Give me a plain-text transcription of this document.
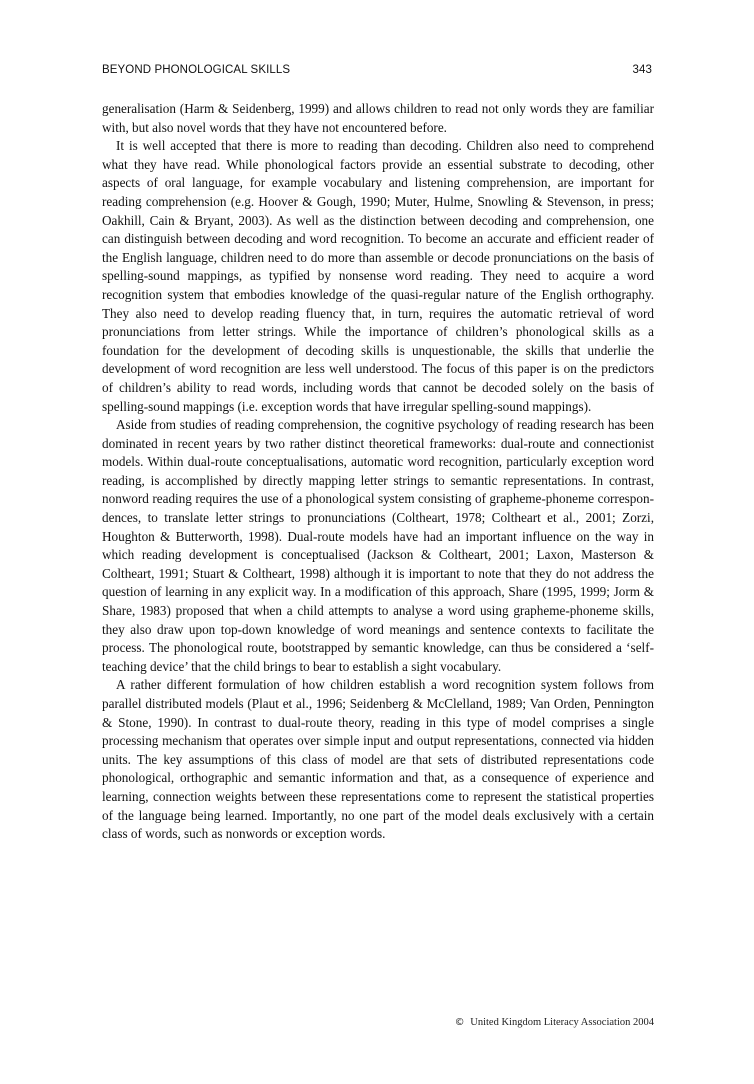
BEYOND PHONOLOGICAL SKILLS	343

generalisation (Harm & Seidenberg, 1999) and allows children to read not only words they are familiar with, but also novel words that they have not encountered before.

It is well accepted that there is more to reading than decoding. Children also need to comprehend what they have read. While phonological factors provide an essential substrate to decoding, other aspects of oral language, for example vocabulary and listening comprehension, are important for reading comprehension (e.g. Hoover & Gough, 1990; Muter, Hulme, Snowling & Stevenson, in press; Oakhill, Cain & Bryant, 2003). As well as the distinction between decoding and comprehension, one can distinguish between decoding and word recognition. To become an accurate and efficient reader of the English language, children need to do more than assemble or decode pronunciations on the basis of spelling-sound mappings, as typified by nonsense word reading. They need to acquire a word recognition system that embodies knowledge of the quasi-regular nature of the English orthography. They also need to develop reading fluency that, in turn, requires the automatic retrieval of word pronunciations from letter strings. While the importance of children’s phonological skills as a foundation for the development of decoding skills is unquestionable, the skills that underlie the development of word recognition are less well understood. The focus of this paper is on the predictors of children’s ability to read words, including words that cannot be decoded solely on the basis of spelling-sound mappings (i.e. exception words that have irregular spelling-sound mappings).

Aside from studies of reading comprehension, the cognitive psychology of reading research has been dominated in recent years by two rather distinct theoretical frameworks: dual-route and connectionist models. Within dual-route conceptualisations, automatic word recognition, particularly exception word reading, is accomplished by directly mapping letter strings to semantic representations. In contrast, nonword reading requires the use of a phonological system consisting of grapheme-phoneme correspondences, to translate letter strings to pronunciations (Coltheart, 1978; Coltheart et al., 2001; Zorzi, Houghton & Butterworth, 1998). Dual-route models have had an important influence on the way in which reading development is conceptualised (Jackson & Coltheart, 2001; Laxon, Masterson & Coltheart, 1991; Stuart & Coltheart, 1998) although it is important to note that they do not address the question of learning in any explicit way. In a modification of this approach, Share (1995, 1999; Jorm & Share, 1983) proposed that when a child attempts to analyse a word using grapheme-phoneme skills, they also draw upon top-down knowledge of word meanings and sentence contexts to facilitate the process. The phonological route, bootstrapped by semantic knowledge, can thus be considered a ‘self-teaching device’ that the child brings to bear to establish a sight vocabulary.

A rather different formulation of how children establish a word recognition system follows from parallel distributed models (Plaut et al., 1996; Seidenberg & McClelland, 1989; Van Orden, Pennington & Stone, 1990). In contrast to dual-route theory, reading in this type of model comprises a single processing mechanism that operates over simple input and output representations, connected via hidden units. The key assumptions of this class of model are that sets of distributed representations code phonological, orthographic and semantic information and that, as a consequence of experience and learning, connection weights between these representations come to represent the statistical properties of the language being learned. Importantly, no one part of the model deals exclusively with a certain class of words, such as nonwords or exception words.

© United Kingdom Literacy Association 2004
